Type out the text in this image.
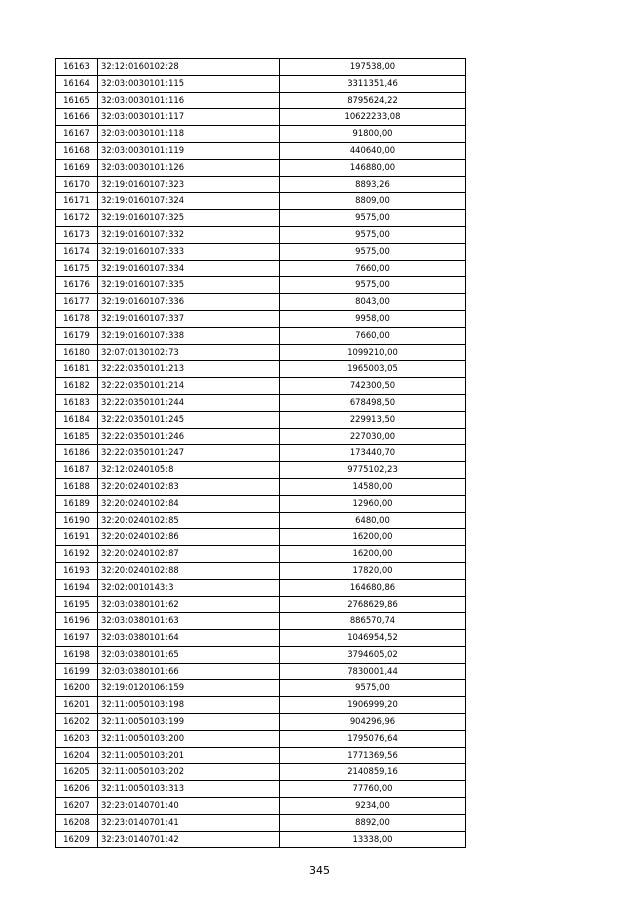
16163	32:12:0160102:28	197538,00
16164	32:03:0030101:115	3311351,46
16165	32:03:0030101:116	8795624,22
16166	32:03:0030101:117	10622233,08
16167	32:03:0030101:118	91800,00
16168	32:03:0030101:119	440640,00
16169	32:03:0030101:126	146880,00
16170	32:19:0160107:323	8893,26
16171	32:19:0160107:324	8809,00
16172	32:19:0160107:325	9575,00
16173	32:19:0160107:332	9575,00
16174	32:19:0160107:333	9575,00
16175	32:19:0160107:334	7660,00
16176	32:19:0160107:335	9575,00
16177	32:19:0160107:336	8043,00
16178	32:19:0160107:337	9958,00
16179	32:19:0160107:338	7660,00
16180	32:07:0130102:73	1099210,00
16181	32:22:0350101:213	1965003,05
16182	32:22:0350101:214	742300,50
16183	32:22:0350101:244	678498,50
16184	32:22:0350101:245	229913,50
16185	32:22:0350101:246	227030,00
16186	32:22:0350101:247	173440,70
16187	32:12:0240105:8	9775102,23
16188	32:20:0240102:83	14580,00
16189	32:20:0240102:84	12960,00
16190	32:20:0240102:85	6480,00
16191	32:20:0240102:86	16200,00
16192	32:20:0240102:87	16200,00
16193	32:20:0240102:88	17820,00
16194	32:02:0010143:3	164680,86
16195	32:03:0380101:62	2768629,86
16196	32:03:0380101:63	886570,74
16197	32:03:0380101:64	1046954,52
16198	32:03:0380101:65	3794605,02
16199	32:03:0380101:66	7830001,44
16200	32:19:0120106:159	9575,00
16201	32:11:0050103:198	1906999,20
16202	32:11:0050103:199	904296,96
16203	32:11:0050103:200	1795076,64
16204	32:11:0050103:201	1771369,56
16205	32:11:0050103:202	2140859,16
16206	32:11:0050103:313	77760,00
16207	32:23:0140701:40	9234,00
16208	32:23:0140701:41	8892,00
16209	32:23:0140701:42	13338,00
345
